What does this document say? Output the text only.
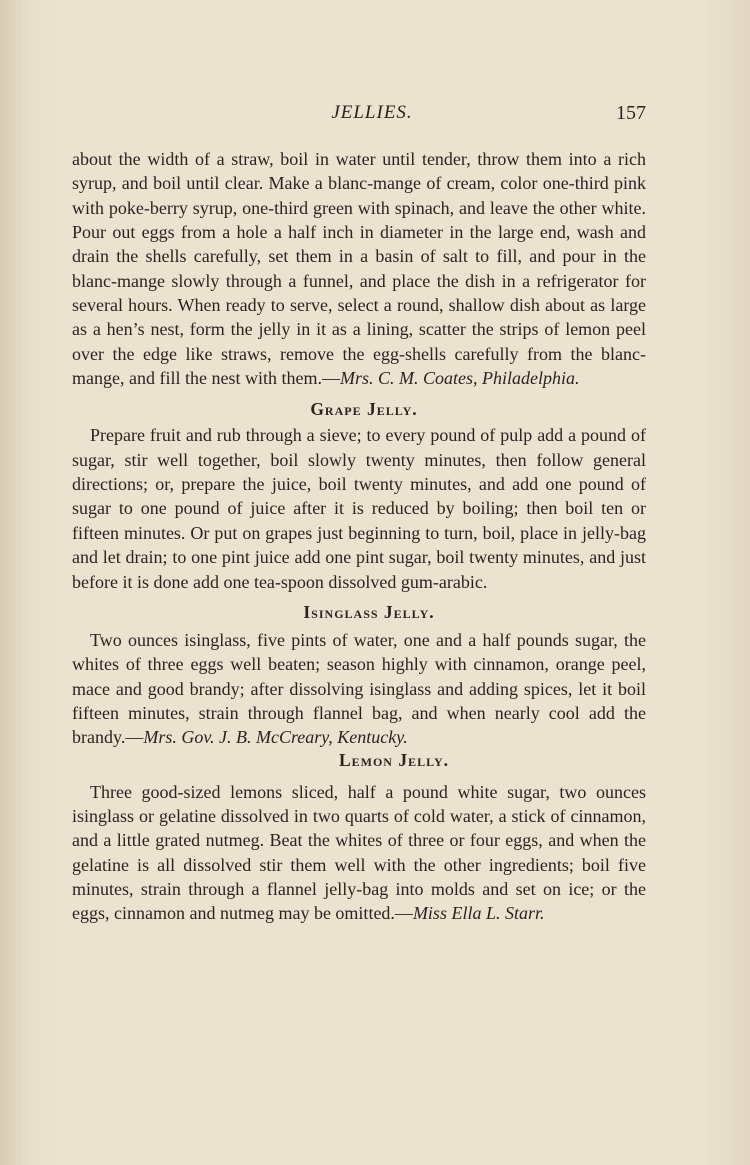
JELLIES.	157

about the width of a straw, boil in water until tender, throw them into a rich syrup, and boil until clear. Make a blanc-mange of cream, color one-third pink with poke-berry syrup, one-third green with spinach, and leave the other white. Pour out eggs from a hole a half inch in diameter in the large end, wash and drain the shells carefully, set them in a basin of salt to fill, and pour in the blanc-mange slowly through a funnel, and place the dish in a refrigerator for several hours. When ready to serve, select a round, shallow dish about as large as a hen’s nest, form the jelly in it as a lining, scatter the strips of lemon peel over the edge like straws, remove the egg-shells carefully from the blanc-mange, and fill the nest with them.—Mrs. C. M. Coates, Philadelphia.

Grape Jelly.

Prepare fruit and rub through a sieve; to every pound of pulp add a pound of sugar, stir well together, boil slowly twenty minutes, then follow general directions; or, prepare the juice, boil twenty minutes, and add one pound of sugar to one pound of juice after it is reduced by boiling; then boil ten or fifteen minutes. Or put on grapes just beginning to turn, boil, place in jelly-bag and let drain; to one pint juice add one pint sugar, boil twenty minutes, and just before it is done add one tea-spoon dissolved gum-arabic.

Isinglass Jelly.

Two ounces isinglass, five pints of water, one and a half pounds sugar, the whites of three eggs well beaten; season highly with cinnamon, orange peel, mace and good brandy; after dissolving isinglass and adding spices, let it boil fifteen minutes, strain through flannel bag, and when nearly cool add the brandy.—Mrs. Gov. J. B. McCreary, Kentucky.

Lemon Jelly.

Three good-sized lemons sliced, half a pound white sugar, two ounces isinglass or gelatine dissolved in two quarts of cold water, a stick of cinnamon, and a little grated nutmeg. Beat the whites of three or four eggs, and when the gelatine is all dissolved stir them well with the other ingredients; boil five minutes, strain through a flannel jelly-bag into molds and set on ice; or the eggs, cinnamon and nutmeg may be omitted.—Miss Ella L. Starr.
